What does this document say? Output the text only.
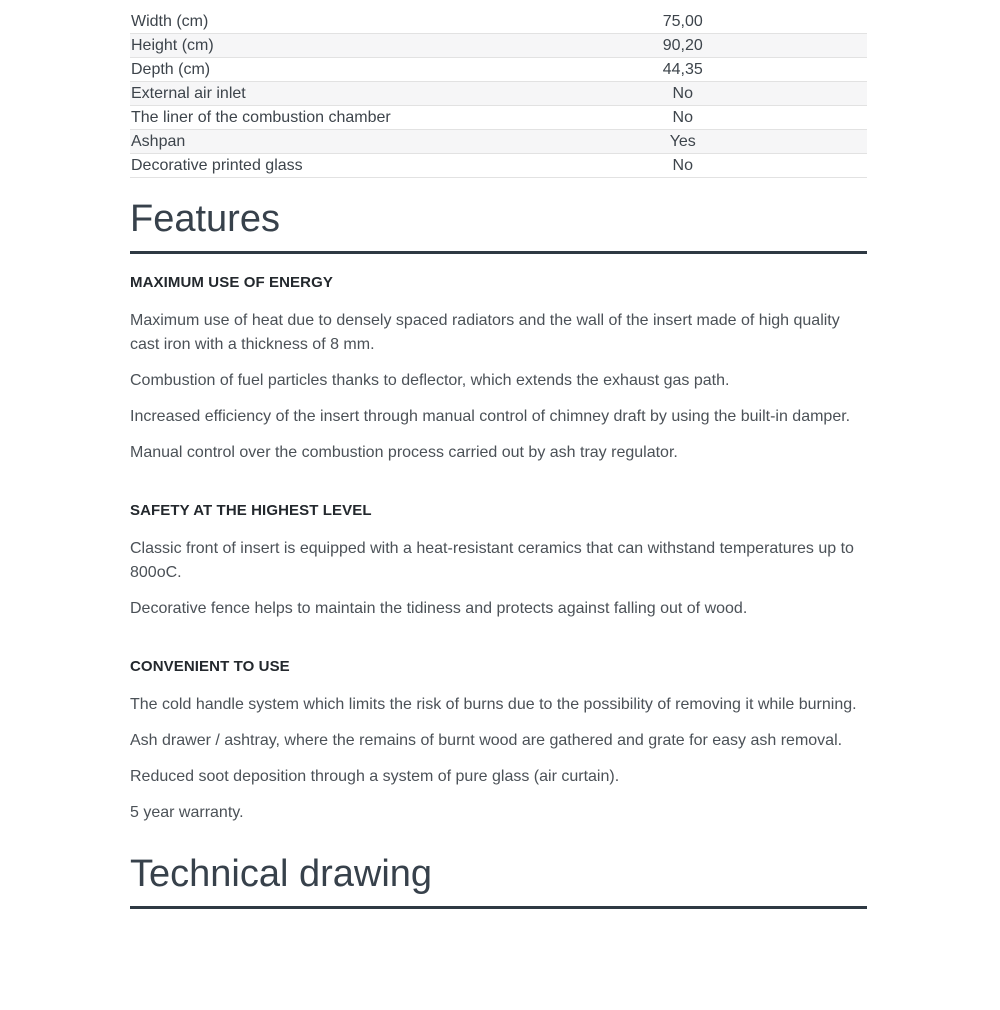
Width (cm)	75,00
Height (cm)	90,20
Depth (cm)	44,35
External air inlet	No
The liner of the combustion chamber	No
Ashpan	Yes
Decorative printed glass	No
Features
MAXIMUM USE OF ENERGY

Maximum use of heat due to densely spaced radiators and the wall of the insert made of high quality cast iron with a thickness of 8 mm.

Combustion of fuel particles thanks to deflector, which extends the exhaust gas path.

Increased efficiency of the insert through manual control of chimney draft by using the built-in damper.

Manual control over the combustion process carried out by ash tray regulator.

SAFETY AT THE HIGHEST LEVEL

Classic front of insert is equipped with a heat-resistant ceramics that can withstand temperatures up to 800oC.

Decorative fence helps to maintain the tidiness and protects against falling out of wood.

CONVENIENT TO USE

The cold handle system which limits the risk of burns due to the possibility of removing it while burning.

Ash drawer / ashtray, where the remains of burnt wood are gathered and grate for easy ash removal.

Reduced soot deposition through a system of pure glass (air curtain).

5 year warranty.

Technical drawing
